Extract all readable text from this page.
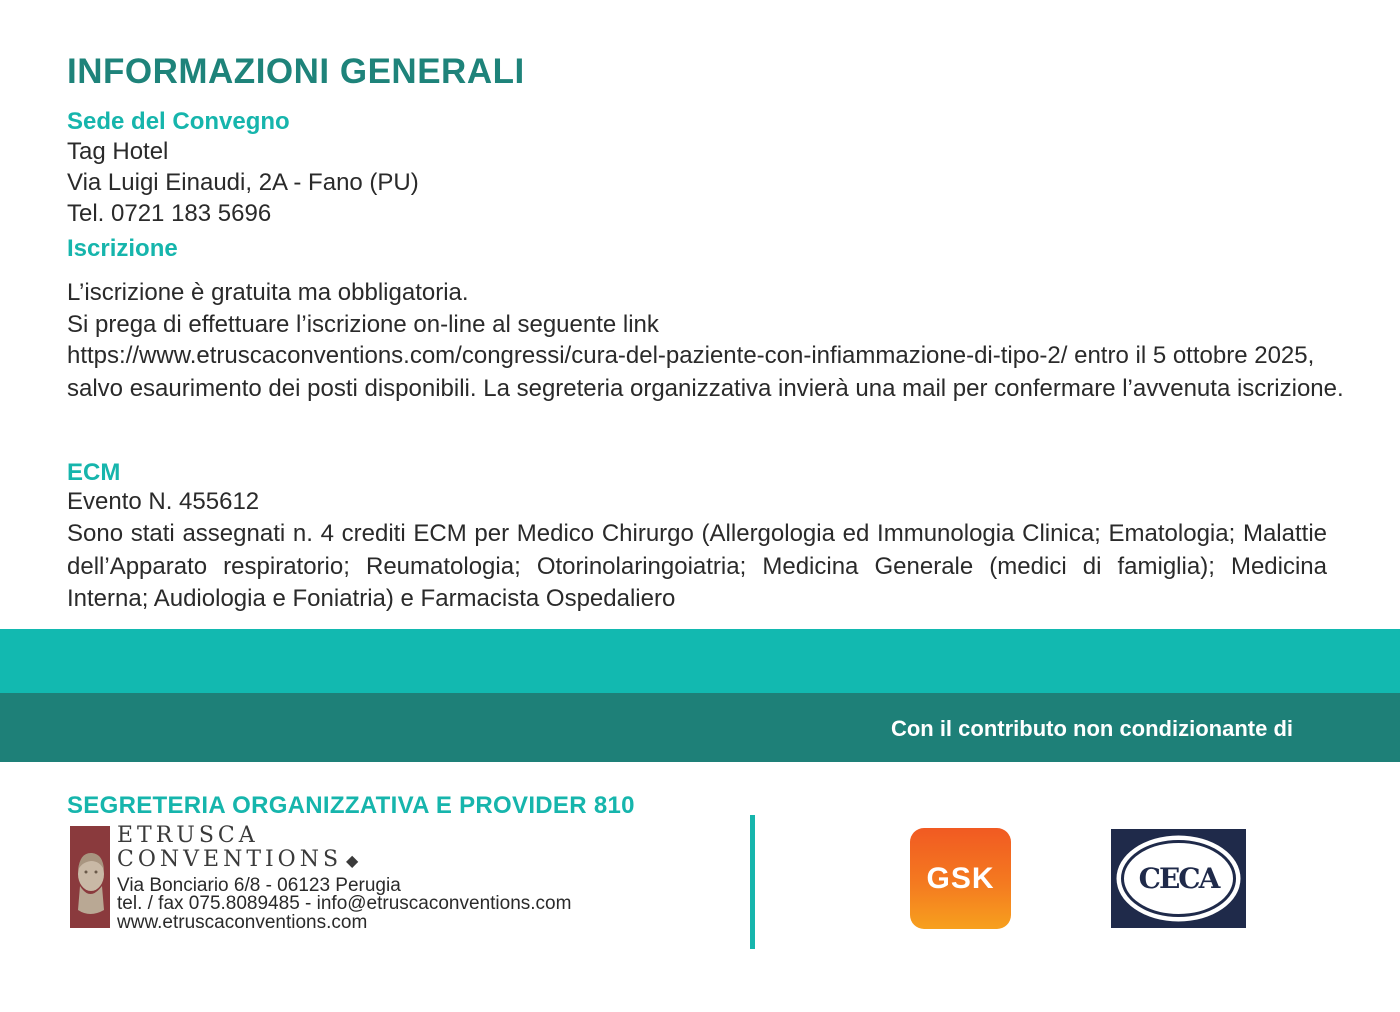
INFORMAZIONI GENERALI
Sede del Convegno
Tag Hotel
Via Luigi Einaudi, 2A - Fano (PU)
Tel. 0721 183 5696
Iscrizione
L’iscrizione è gratuita ma obbligatoria.
Si prega di effettuare l’iscrizione on-line al seguente link
https://www.etruscaconventions.com/congressi/cura-del-paziente-con-infiammazione-di-tipo-2/ entro il 5 ottobre 2025, salvo esaurimento dei posti disponibili. La segreteria organizzativa invierà una mail per confermare l’avvenuta iscrizione.
ECM
Evento N. 455612
Sono stati assegnati n. 4 crediti ECM per Medico Chirurgo (Allergologia ed Immunologia Clinica; Ematologia; Malattie dell’Apparato respiratorio; Reumatologia; Otorinolaringoiatria; Medicina Generale (medici di famiglia); Medicina Interna; Audiologia e Foniatria) e Farmacista Ospedaliero
Con il contributo non condizionante di
SEGRETERIA ORGANIZZATIVA E PROVIDER 810
ETRUSCA
CONVENTIONS ◆
Via Bonciario 6/8 - 06123 Perugia
tel. / fax 075.8089485 - info@etruscaconventions.com
www.etruscaconventions.com
GSK	CECA
